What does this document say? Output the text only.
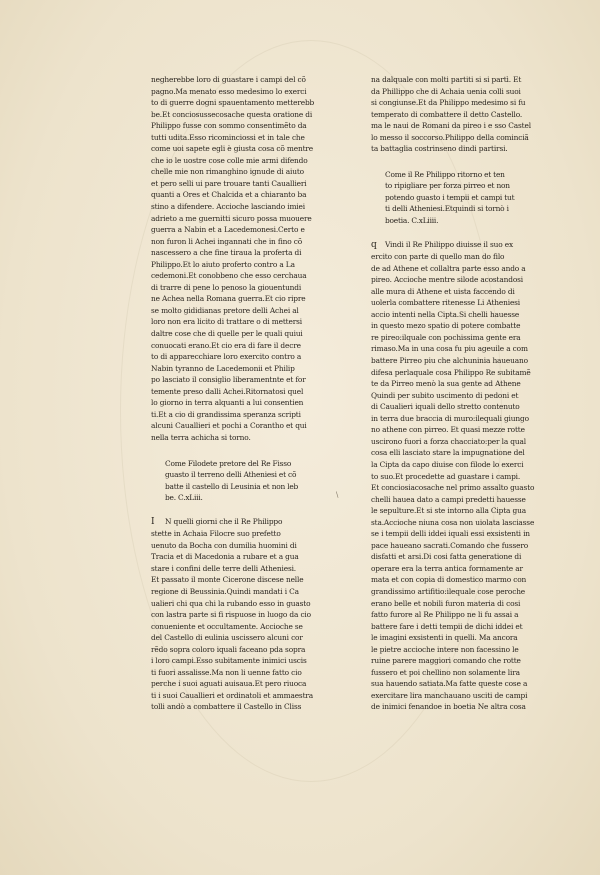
negherebbe loro di guastare i campi del cõ
pagno.Ma menato esso medesimo lo exerci
to di guerre dogni spauentamento metterebb
be.Et conciosussecosache questa oratione di
Philippo fusse con sommo consentimẽto da
tutti udita.Esso ricominciossi et in tale che
come uoi sapete egli è giusta cosa cõ mentre
che io le uostre cose colle mie armi difendo
chelle mie non rimanghino ignude di aiuto
et pero selli ui pare trouare tanti Cauallieri
quanti a Ores et Chalcida et a chiaranto ba
stino a difendere. Accioche lasciando imiei
adrieto a me guernitti sicuro possa muouere
guerra a Nabin et a Lacedemonesi.Certo e
non furon li Achei ingannati che in fino cõ
nascessero a che fine tiraua la proferta di
Philippo.Et lo aiuto proferto contro a La
cedemoni.Et conobbeno che esso cerchaua
di trarre di pene lo penoso la giouentundi
ne Achea nella Romana guerra.Et cio ripre
se molto gididianas pretore delli Achei al
loro non era licito di trattare o di mettersi
daltre cose che di quelle per le quali quiui
conuocati erano.Et cio era di fare il decre
to di apparecchiare loro exercito contro a
Nabin tyranno de Lacedemonii et Philip
po lasciato il consiglio liberamentnte et for
temente preso dalli Achei.Ritornatosi quel
lo giorno in terra alquanti a lui consentien
ti.Et a cio di grandissima speranza scripti
alcuni Cauallieri et pochi a Corantho et qui
nella terra achicha si torno.
Come Filodete pretore del Re Fisso
guasto il terreno delli Atheniesi et cõ
batte il castello di Leusinia et non leb
be. C.xLiii.
I N quelli giorni che il Re Philippo
stette in Achaia Filocre suo prefetto
uenuto da Bocha con dumilia huomini di
Tracia et di Macedonia a rubare et a gua
stare i confini delle terre delli Atheniesi.
Et passato il monte Cicerone discese nelle
regione di Beussinia.Quindi mandati i Ca
ualieri chi qua chi la rubando esso in guasto
con lastra parte si fi rispuose in luogo da cio
conueniente et occultamente. Accioche se
del Castello di eulinia uscissero alcuni cor
rẽdo sopra coloro iquali faceano pda sopra
i loro campi.Esso subitamente inimici uscis
ti fuori assalisse.Ma non li uenne fatto cio
perche i suoi aguati auisaua.Et pero riuoca
ti i suoi Cauallieri et ordinatoli et ammaestra
tolli andò a combattere il Castello in Cliss
\
na dalquale con molti partiti si si partì. Et
da Phillippo che di Achaia uenia colli suoi
si congiunse.Et da Philippo medesimo si fu
temperato di combattere il detto Castello.
ma le naui de Romani da pireo i e sso Castel
lo messo il soccorso.Philippo della cominciã
ta battaglia costrinseno dindi partirsi.
Come il Re Philippo ritorno et ten
to ripigliare per forza pirreo et non
potendo guasto i tempii et campi tut
ti delli Atheniesi.Etquindi si tornò i
boetia. C.xLiiii.
q Vindi il Re Philippo diuisse il suo ex
ercito con parte di quello man do filo
de ad Athene et collaltra parte esso ando a
pireo. Accioche mentre silode acostandosi
alle mura di Athene et uista faccendo di
uolerla combattere ritenesse Li Atheniesi
accio intenti nella Cipta.Si chelli hauesse
in questo mezo spatio di potere combatte
re pireo:ilquale con pochissima gente era
rimaso.Ma in una cosa fu piu ageuile a com
battere Pirreo piu che alchuninia haueuano
difesa perlaquale cosa Philippo Re subitamẽ
te da Pirreo menò la sua gente ad Athene
Quindi per subito uscimento di pedoni et
di Caualieri iquali dello stretto contenuto
in terra due braccia di muro:ilequali giungo
no athene con pirreo. Et quasi mezze rotte
uscirono fuori a forza chacciato:per la qual
cosa elli lasciato stare la impugnatione del
la Cipta da capo diuise con filode lo exerci
to suo.Et procedette ad guastare i campi.
Et conciosiacosache nel primo assalto guasto
chelli hauea dato a campi predetti hauesse
le sepulture.Et si ste intorno alla Cipta gua
sta.Accioche niuna cosa non uiolata lasciasse
se i tempii delli iddei iquali essi exsistenti in
pace haueano sacrati.Comando che fussero
disfatti et arsi.Di cosi fatta generatione di
operare era la terra antica formamente ar
mata et con copia di domestico marmo con
grandissimo artifitio:ilequale cose peroche
erano belle et nobili furon materia di cosi
fatto furore al Re Philippo ne li fu assai a
battere fare i detti tempii de dichi iddei et
le imagini exsistenti in quelli. Ma ancora
le pietre accioche intere non facessino le
ruine parere maggiori comando che rotte
fussero et poi chellino non solamente lira
sua hauendo satiata.Ma fatte queste cose a
exercitare lira manchauano usciti de campi
de inimici fenandoe in boetia Ne altra cosa
